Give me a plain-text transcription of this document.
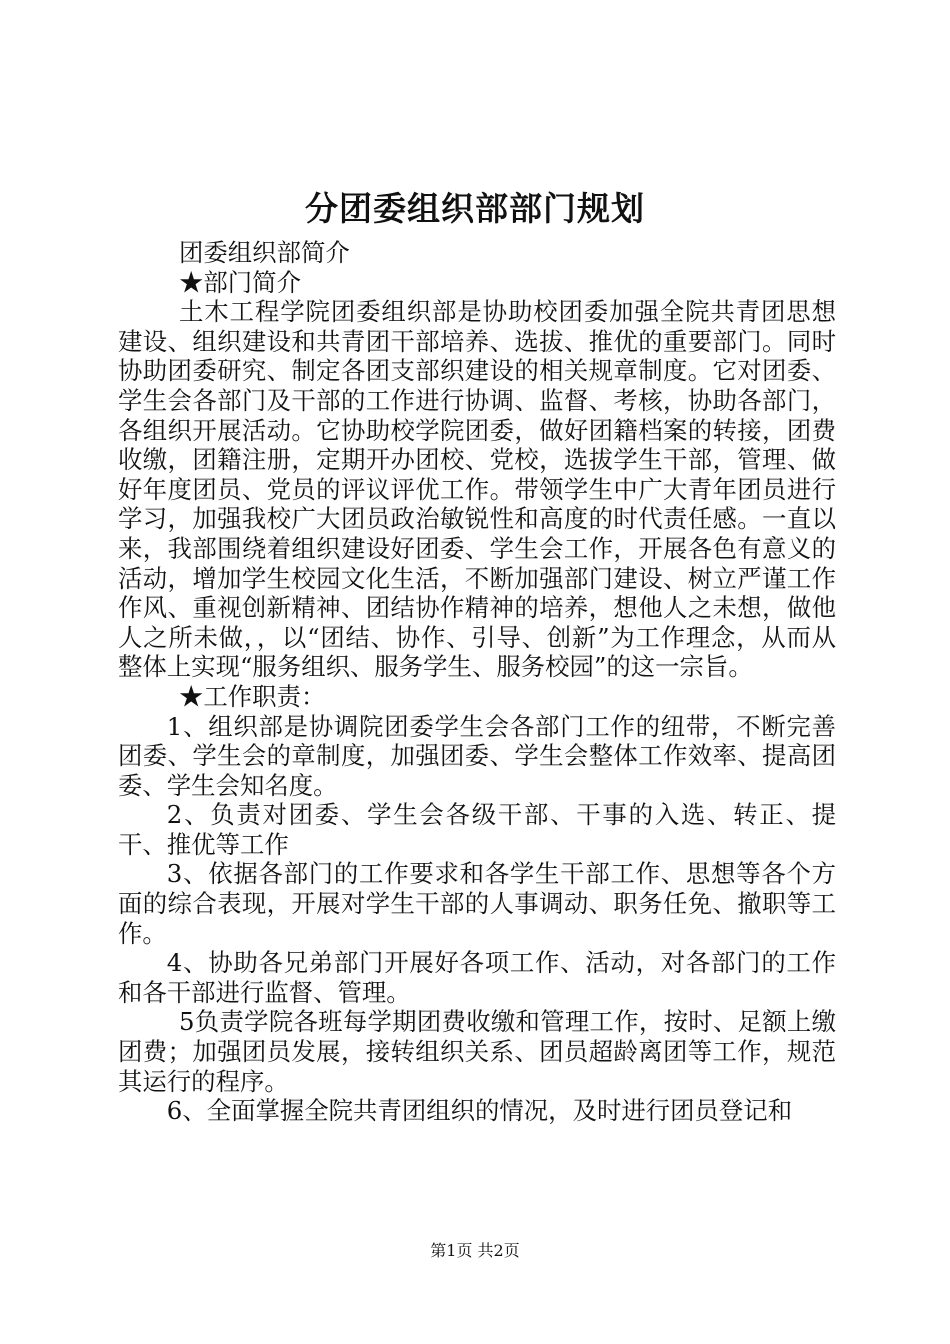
分团委组织部部门规划

团委组织部简介

★部门简介

土木工程学院团委组织部是协助校团委加强全院共青团思想建设、组织建设和共青团干部培养、选拔、推优的重要部门。同时协助团委研究、制定各团支部织建设的相关规章制度。它对团委、学生会各部门及干部的工作进行协调、监督、考核，协助各部门，各组织开展活动。它协助校学院团委，做好团籍档案的转接，团费收缴，团籍注册，定期开办团校、党校，选拔学生干部，管理、做好年度团员、党员的评议评优工作。带领学生中广大青年团员进行学习，加强我校广大团员政治敏锐性和高度的时代责任感。一直以来，我部围绕着组织建设好团委、学生会工作，开展各色有意义的活动，增加学生校园文化生活，不断加强部门建设、树立严谨工作作风、重视创新精神、团结协作精神的培养，想他人之未想，做他人之所未做，，以“团结、协作、引导、创新”为工作理念，从而从整体上实现“服务组织、服务学生、服务校园”的这一宗旨。

★工作职责：

1、组织部是协调院团委学生会各部门工作的纽带，不断完善团委、学生会的章制度，加强团委、学生会整体工作效率、提高团委、学生会知名度。

2、负责对团委、学生会各级干部、干事的入选、转正、提干、推优等工作

3、依据各部门的工作要求和各学生干部工作、思想等各个方面的综合表现，开展对学生干部的人事调动、职务任免、撤职等工作。

4、协助各兄弟部门开展好各项工作、活动，对各部门的工作和各干部进行监督、管理。

5负责学院各班每学期团费收缴和管理工作，按时、足额上缴团费；加强团员发展，接转组织关系、团员超龄离团等工作，规范其运行的程序。

6、全面掌握全院共青团组织的情况，及时进行团员登记和

第1页 共2页
